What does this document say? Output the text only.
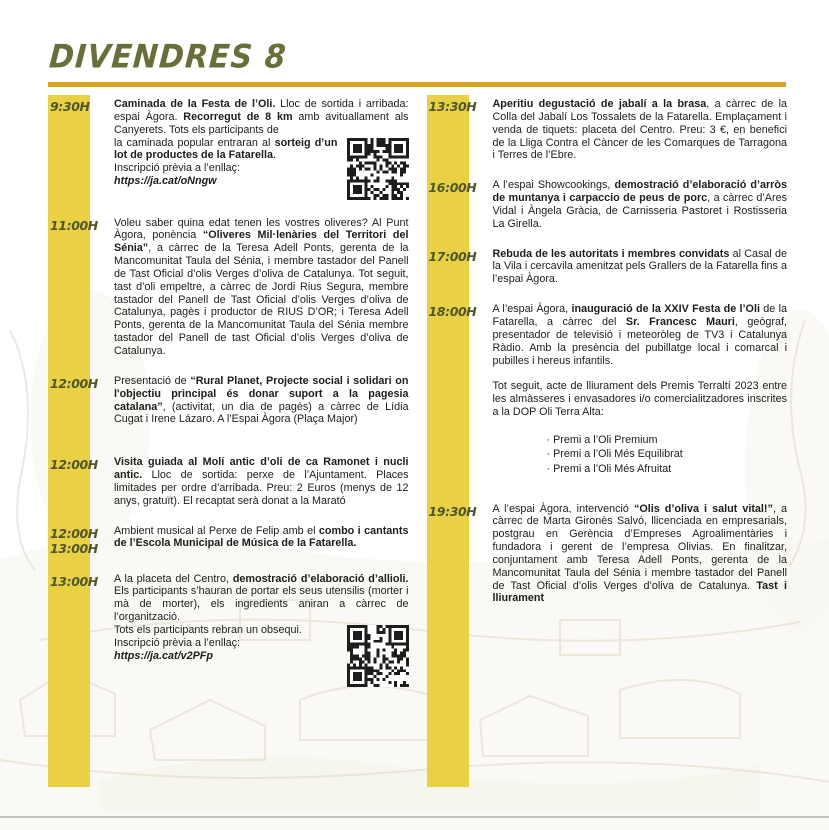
DIVENDRES 8
9:30H Caminada de la Festa de l’Oli. Lloc de sortida i arribada: espai Àgora. Recorregut de 8 km amb avituallament als Canyerets. Tots els participants de

la caminada popular entraran al sorteig d’un lot de productes de la Fatarella.

Inscripció prèvia a l’enllaç:

https://ja.cat/oNngw

11:00H Voleu saber quina edat tenen les vostres oliveres? Al Punt Àgora, ponència “Oliveres Mil·lenàries del Territori del Sénia”, a càrrec de la Teresa Adell Ponts, gerenta de la Mancomunitat Taula del Sénia, i membre tastador del Panell de Tast Oficial d’olis Verges d’oliva de Catalunya. Tot seguit, tast d’oli empeltre, a càrrec de Jordi Rius Segura, membre tastador del Panell de Tast Oficial d’olis Verges d’oliva de Catalunya, pagès i productor de RIUS D’OR; i Teresa Adell Ponts, gerenta de la Mancomunitat Taula del Sénia membre tastador del Panell de tast Oficial d’olis Verges d’oliva de Catalunya.

12:00H Presentació de “Rural Planet, Projecte social i solidari on l'objectiu principal és donar suport a la pagesia catalana”, (activitat, un dia de pagès) a càrrec de Lídia Cugat i Irene Lázaro. A l’Espai Àgora (Plaça Major)

12:00H Visita guiada al Molí antic d’oli de ca Ramonet i nucli antic. Lloc de sortida: perxe de l’Ajuntament. Places limitades per ordre d’arribada. Preu: 2 Euros (menys de 12 anys, gratuït). El recaptat serà donat a la Marató

12:00H
13:00H

Ambient musical al Perxe de Felip amb el combo i cantants de l’Escola Municipal de Música de la Fatarella.

13:00H A la placeta del Centro, demostració d’elaboració d’allioli. Els participants s’hauran de portar els seus utensilis (morter i mà de morter), els ingredients aniran a càrrec de l’organització.

Tots els participants rebran un obsequi.

Inscripció prèvia a l’enllaç:

https://ja.cat/v2PFp

13:30H Aperitiu degustació de jabalí a la brasa, a càrrec de la Colla del Jabalí Los Tossalets de la Fatarella. Emplaçament i venda de tiquets: placeta del Centro. Preu: 3 €, en benefici de la Lliga Contra el Càncer de les Comarques de Tarragona i Terres de l’Ebre.

16:00H A l’espai Showcookings, demostració d’elaboració d’arròs de muntanya i carpaccio de peus de porc, a càrrec d’Ares Vidal i Àngela Gràcia, de Carnisseria Pastoret i Rostisseria La Girella.

17:00H Rebuda de les autoritats i membres convidats al Casal de la Vila i cercavila amenitzat pels Grallers de la Fatarella fins a l’espai Àgora.

18:00H A l’espai Àgora, inauguració de la XXIV Festa de l’Oli de la Fatarella, a càrrec del Sr. Francesc Mauri, geògraf, presentador de televisió i meteoròleg de TV3 i Catalunya Ràdio. Amb la presència del pubillatge local i comarcal i pubilles i hereus infantils.

Tot seguit, acte de lliurament dels Premis Terraltí 2023 entre les almàsseres i envasadores i/o comercialitzadores inscrites a la DOP Oli Terra Alta:

· Premi a l’Oli Premium
· Premi a l’Oli Més Equilibrat
· Premi a l’Oli Més Afruitat
19:30H A l’espai Àgora, intervenció “Olis d’oliva i salut vital!”, a càrrec de Marta Gironès Salvó, llicenciada en empresarials, postgrau en Gerència d’Empreses Agroalimentàries i fundadora i gerent de l’empresa Olivias. En finalitzar, conjuntament amb Teresa Adell Ponts, gerenta de la Mancomunitat Taula del Sénia i membre tastador del Panell de Tast Oficial d’olis Verges d’oliva de Catalunya. Tast i lliurament
